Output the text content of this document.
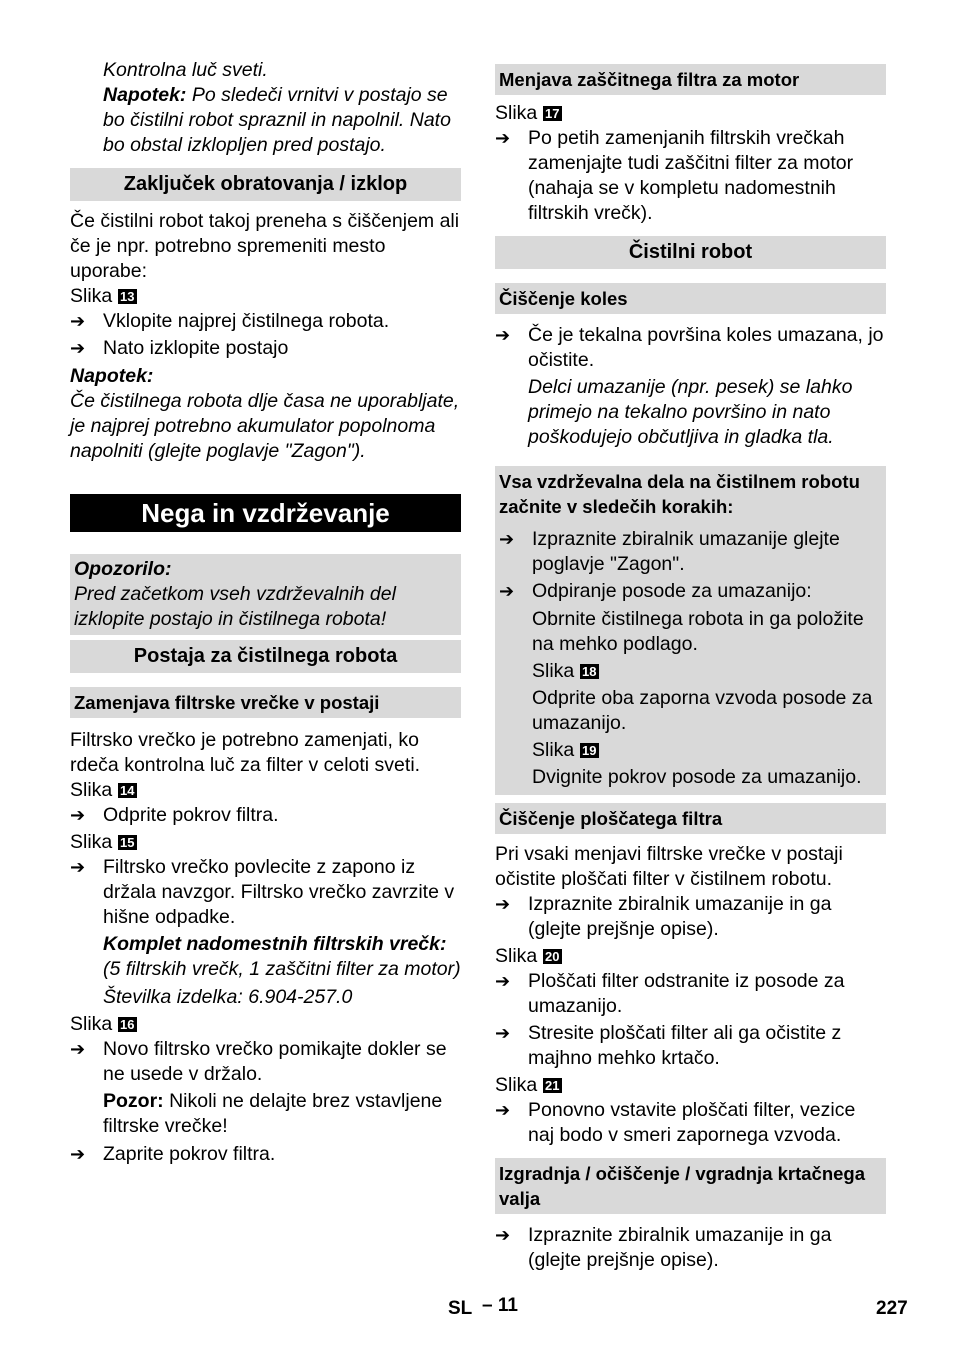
Kontrolna luč sveti.

Napotek: Po sledeči vrnitvi v postajo se bo čistilni robot spraznil in napolnil. Nato bo obstal izklopljen pred postajo.

Zaključek obratovanja / izklop

Če čistilni robot takoj preneha s čiščenjem ali če je npr. potrebno spremeniti mesto uporabe:

Slika 13

➔ Vklopite najprej čistilnega robota.
➔ Nato izklopite postajo

Napotek:

Če čistilnega robota dlje časa ne uporabljate, je najprej potrebno akumulator popolnoma napolniti (glejte poglavje "Zagon").

Nega in vzdrževanje

Opozorilo:

Pred začetkom vseh vzdrževalnih del izklopite postajo in čistilnega robota!

Postaja za čistilnega robota
Zamenjava filtrske vrečke v postaji

Filtrsko vrečko je potrebno zamenjati, ko rdeča kontrolna luč za filter v celoti sveti.

Slika 14

➔ Odprite pokrov filtra.

Slika 15

➔ Filtrsko vrečko povlecite z zapono iz držala navzgor. Filtrsko vrečko zavrzite v hišne odpadke.

Komplet nadomestnih filtrskih vrečk: (5 filtrskih vrečk, 1 zaščitni filter za motor)

Številka izdelka: 6.904-257.0

Slika 16

➔ Novo filtrsko vrečko pomikajte dokler se ne usede v držalo.

Pozor: Nikoli ne delajte brez vstavljene filtrske vrečke!

➔ Zaprite pokrov filtra.
Menjava zaščitnega filtra za motor

Slika 17

➔ Po petih zamenjanih filtrskih vrečkah zamenjajte tudi zaščitni filter za motor (nahaja se v kompletu nadomestnih filtrskih vrečk).
Čistilni robot
Čiščenje koles
➔ Če je tekalna površina koles umazana, jo očistite.

Delci umazanije (npr. pesek) se lahko primejo na tekalno površino in nato poškodujejo občutljiva in gladka tla.

Vsa vzdrževalna dela na čistilnem robotu začnite v sledečih korakih:

➔ Izpraznite zbiralnik umazanije glejte poglavje "Zagon".
➔ Odpiranje posode za umazanijo:

Obrnite čistilnega robota in ga položite na mehko podlago.

Slika 18

Odprite oba zaporna vzvoda posode za umazanijo.

Slika 19

Dvignite pokrov posode za umazanijo.

Čiščenje ploščatega filtra

Pri vsaki menjavi filtrske vrečke v postaji očistite ploščati filter v čistilnem robotu.

➔ Izpraznite zbiralnik umazanije in ga (glejte prejšnje opise).

Slika 20

➔ Ploščati filter odstranite iz posode za umazanijo.
➔ Stresite ploščati filter ali ga očistite z majhno mehko krtačo.

Slika 21

➔ Ponovno vstavite ploščati filter, vezice naj bodo v smeri zapornega vzvoda.
Izgradnja / očiščenje / vgradnja krtačnega valja
➔ Izpraznite zbiralnik umazanije in ga (glejte prejšnje opise).
SL – 11	227
